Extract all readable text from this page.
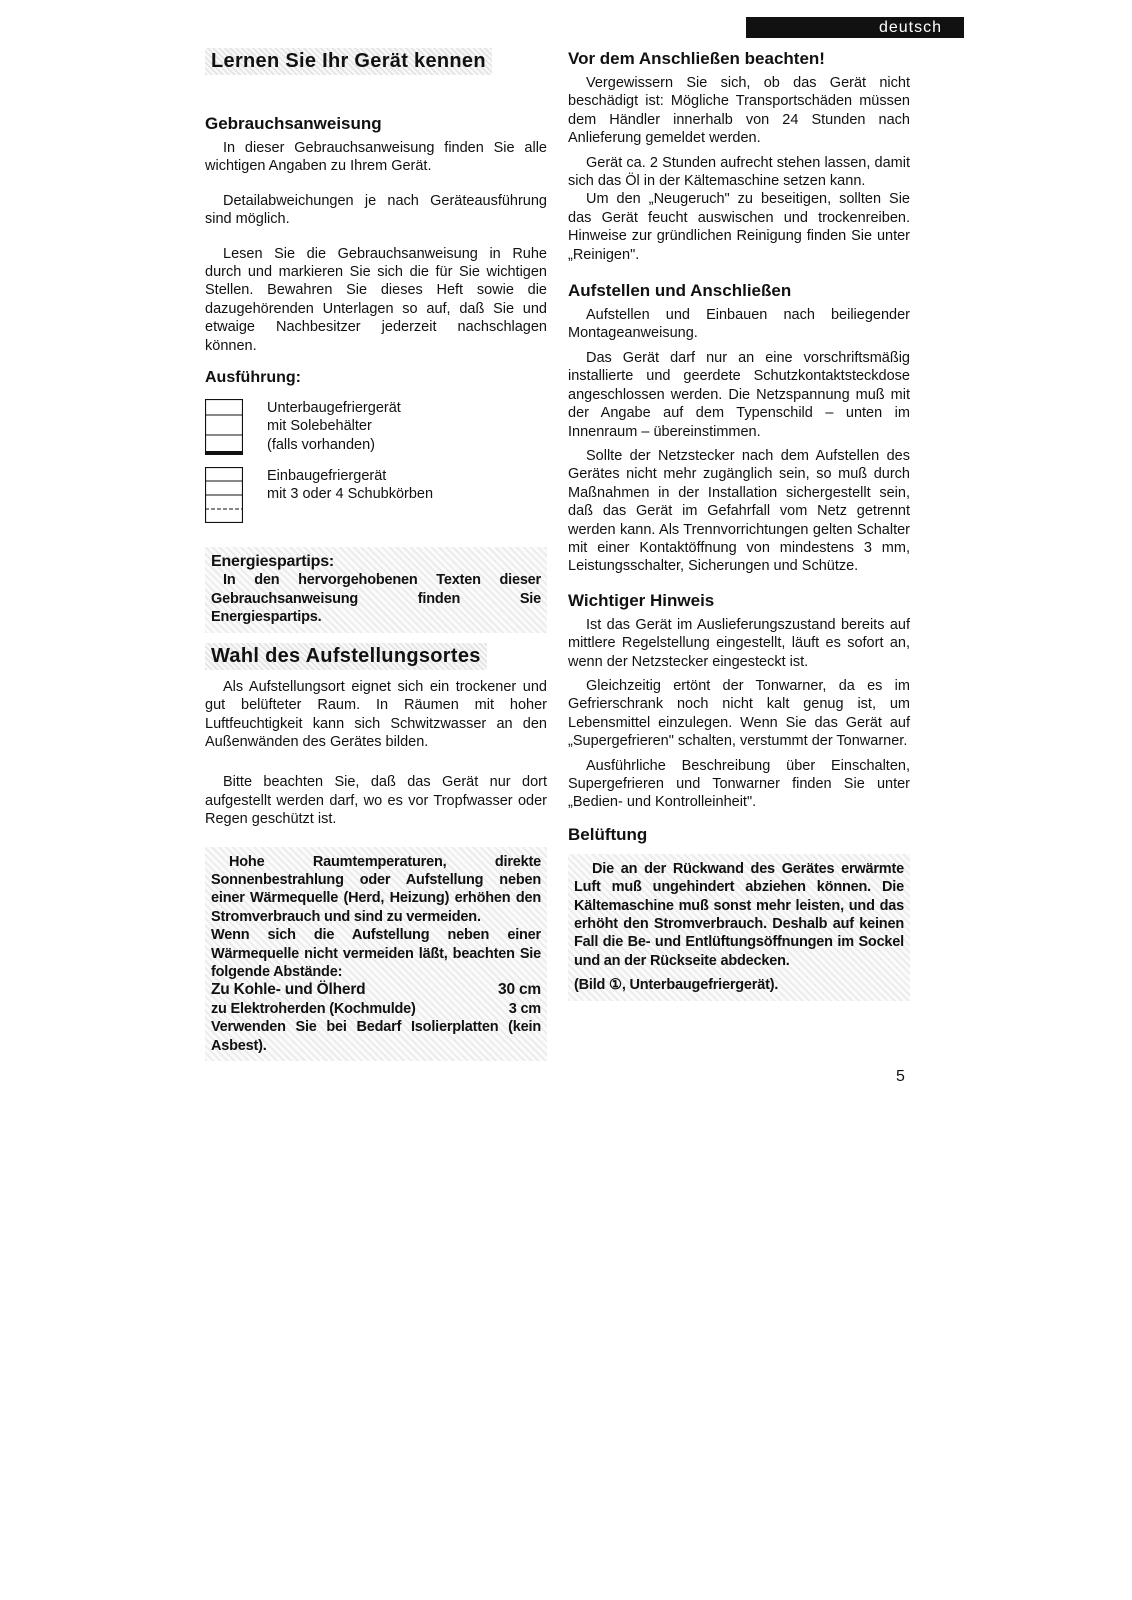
deutsch
Lernen Sie Ihr Gerät kennen
Gebrauchsanweisung

In dieser Gebrauchsanweisung finden Sie alle wichtigen Angaben zu Ihrem Gerät.

Detailabweichungen je nach Geräteausführung sind möglich.

Lesen Sie die Gebrauchsanweisung in Ruhe durch und markieren Sie sich die für Sie wichtigen Stellen. Bewahren Sie dieses Heft sowie die dazugehörenden Unterlagen so auf, daß Sie und etwaige Nachbesitzer jederzeit nachschlagen können.

Ausführung:

Unterbaugefriergerät

mit Solebehälter

(falls vorhanden)

Einbaugefriergerät

mit 3 oder 4 Schubkörben

Energiespartips:

In den hervorgehobenen Texten dieser Gebrauchsanweisung finden Sie Energiespartips.

Wahl des Aufstellungsortes

Als Aufstellungsort eignet sich ein trockener und gut belüfteter Raum. In Räumen mit hoher Luftfeuchtigkeit kann sich Schwitzwasser an den Außenwänden des Gerätes bilden.

Bitte beachten Sie, daß das Gerät nur dort aufgestellt werden darf, wo es vor Tropfwasser oder Regen geschützt ist.

Hohe Raumtemperaturen, direkte Sonnenbestrahlung oder Aufstellung neben einer Wärmequelle (Herd, Heizung) erhöhen den Stromverbrauch und sind zu vermeiden.

Wenn sich die Aufstellung neben einer Wärmequelle nicht vermeiden läßt, beachten Sie folgende Abstände:

Zu Kohle- und Ölherd	30 cm
zu Elektroherden (Kochmulde)	3 cm

Verwenden Sie bei Bedarf Isolierplatten (kein Asbest).

Vor dem Anschließen beachten!

Vergewissern Sie sich, ob das Gerät nicht beschädigt ist: Mögliche Transportschäden müssen dem Händler innerhalb von 24 Stunden nach Anlieferung gemeldet werden.

Gerät ca. 2 Stunden aufrecht stehen lassen, damit sich das Öl in der Kältemaschine setzen kann.

Um den „Neugeruch" zu beseitigen, sollten Sie das Gerät feucht auswischen und trockenreiben. Hinweise zur gründlichen Reinigung finden Sie unter „Reinigen".

Aufstellen und Anschließen

Aufstellen und Einbauen nach beiliegender Montageanweisung.

Das Gerät darf nur an eine vorschriftsmäßig installierte und geerdete Schutzkontaktsteckdose angeschlossen werden. Die Netzspannung muß mit der Angabe auf dem Typenschild – unten im Innenraum – übereinstimmen.

Sollte der Netzstecker nach dem Aufstellen des Gerätes nicht mehr zugänglich sein, so muß durch Maßnahmen in der Installation sichergestellt sein, daß das Gerät im Gefahrfall vom Netz getrennt werden kann. Als Trennvorrichtungen gelten Schalter mit einer Kontaktöffnung von mindestens 3 mm, Leistungsschalter, Sicherungen und Schütze.

Wichtiger Hinweis

Ist das Gerät im Auslieferungszustand bereits auf mittlere Regelstellung eingestellt, läuft es sofort an, wenn der Netzstecker eingesteckt ist.

Gleichzeitig ertönt der Tonwarner, da es im Gefrierschrank noch nicht kalt genug ist, um Lebensmittel einzulegen. Wenn Sie das Gerät auf „Supergefrieren" schalten, verstummt der Tonwarner.

Ausführliche Beschreibung über Einschalten, Supergefrieren und Tonwarner finden Sie unter „Bedien- und Kontrolleinheit".

Belüftung

Die an der Rückwand des Gerätes erwärmte Luft muß ungehindert abziehen können. Die Kältemaschine muß sonst mehr leisten, und das erhöht den Stromverbrauch. Deshalb auf keinen Fall die Be- und Entlüftungsöffnungen im Sockel und an der Rückseite abdecken.

(Bild ①, Unterbaugefriergerät).

5
